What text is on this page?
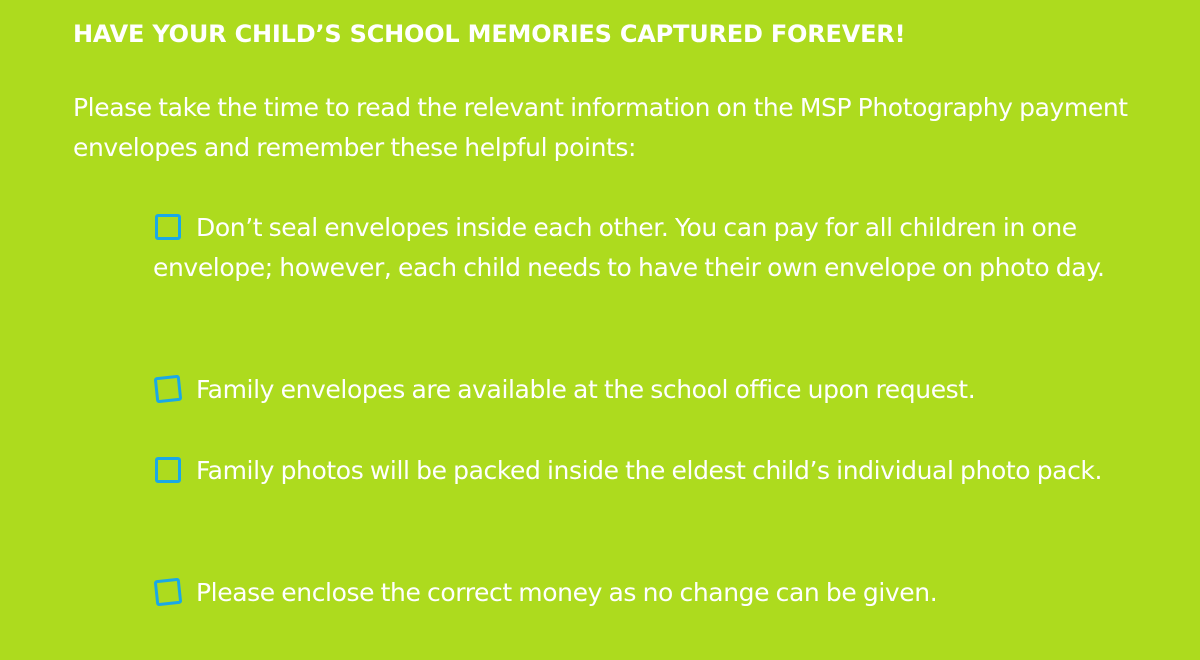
HAVE YOUR CHILD’S SCHOOL MEMORIES CAPTURED FOREVER!

Please take the time to read the relevant information on the MSP Photography payment envelopes and remember these helpful points:

Don’t seal envelopes inside each other. You can pay for all children in one envelope; however, each child needs to have their own envelope on photo day.

Family envelopes are available at the school office upon request.

Family photos will be packed inside the eldest child’s individual photo pack.

Please enclose the correct money as no change can be given.
